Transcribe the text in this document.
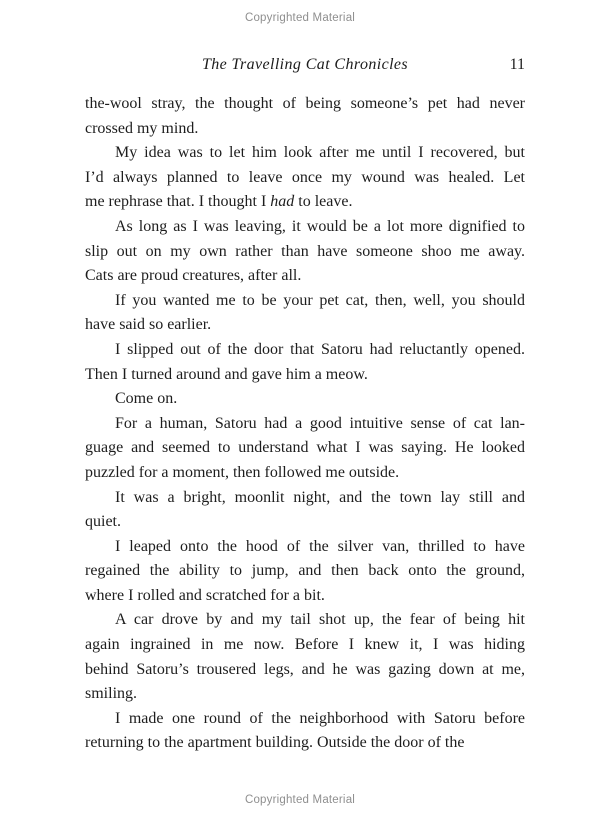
Copyrighted Material
The Travelling Cat Chronicles	11
the-wool stray, the thought of being someone’s pet had never
crossed my mind.
My idea was to let him look after me until I recovered, but
I’d always planned to leave once my wound was healed. Let
me rephrase that. I thought I had to leave.
As long as I was leaving, it would be a lot more dignified to
slip out on my own rather than have someone shoo me away.
Cats are proud creatures, after all.
If you wanted me to be your pet cat, then, well, you should
have said so earlier.
I slipped out of the door that Satoru had reluctantly opened.
Then I turned around and gave him a meow.
Come on.
For a human, Satoru had a good intuitive sense of cat lan-
guage and seemed to understand what I was saying. He looked
puzzled for a moment, then followed me outside.
It was a bright, moonlit night, and the town lay still and
quiet.
I leaped onto the hood of the silver van, thrilled to have
regained the ability to jump, and then back onto the ground,
where I rolled and scratched for a bit.
A car drove by and my tail shot up, the fear of being hit
again ingrained in me now. Before I knew it, I was hiding
behind Satoru’s trousered legs, and he was gazing down at me,
smiling.
I made one round of the neighborhood with Satoru before
returning to the apartment building. Outside the door of the
Copyrighted Material
